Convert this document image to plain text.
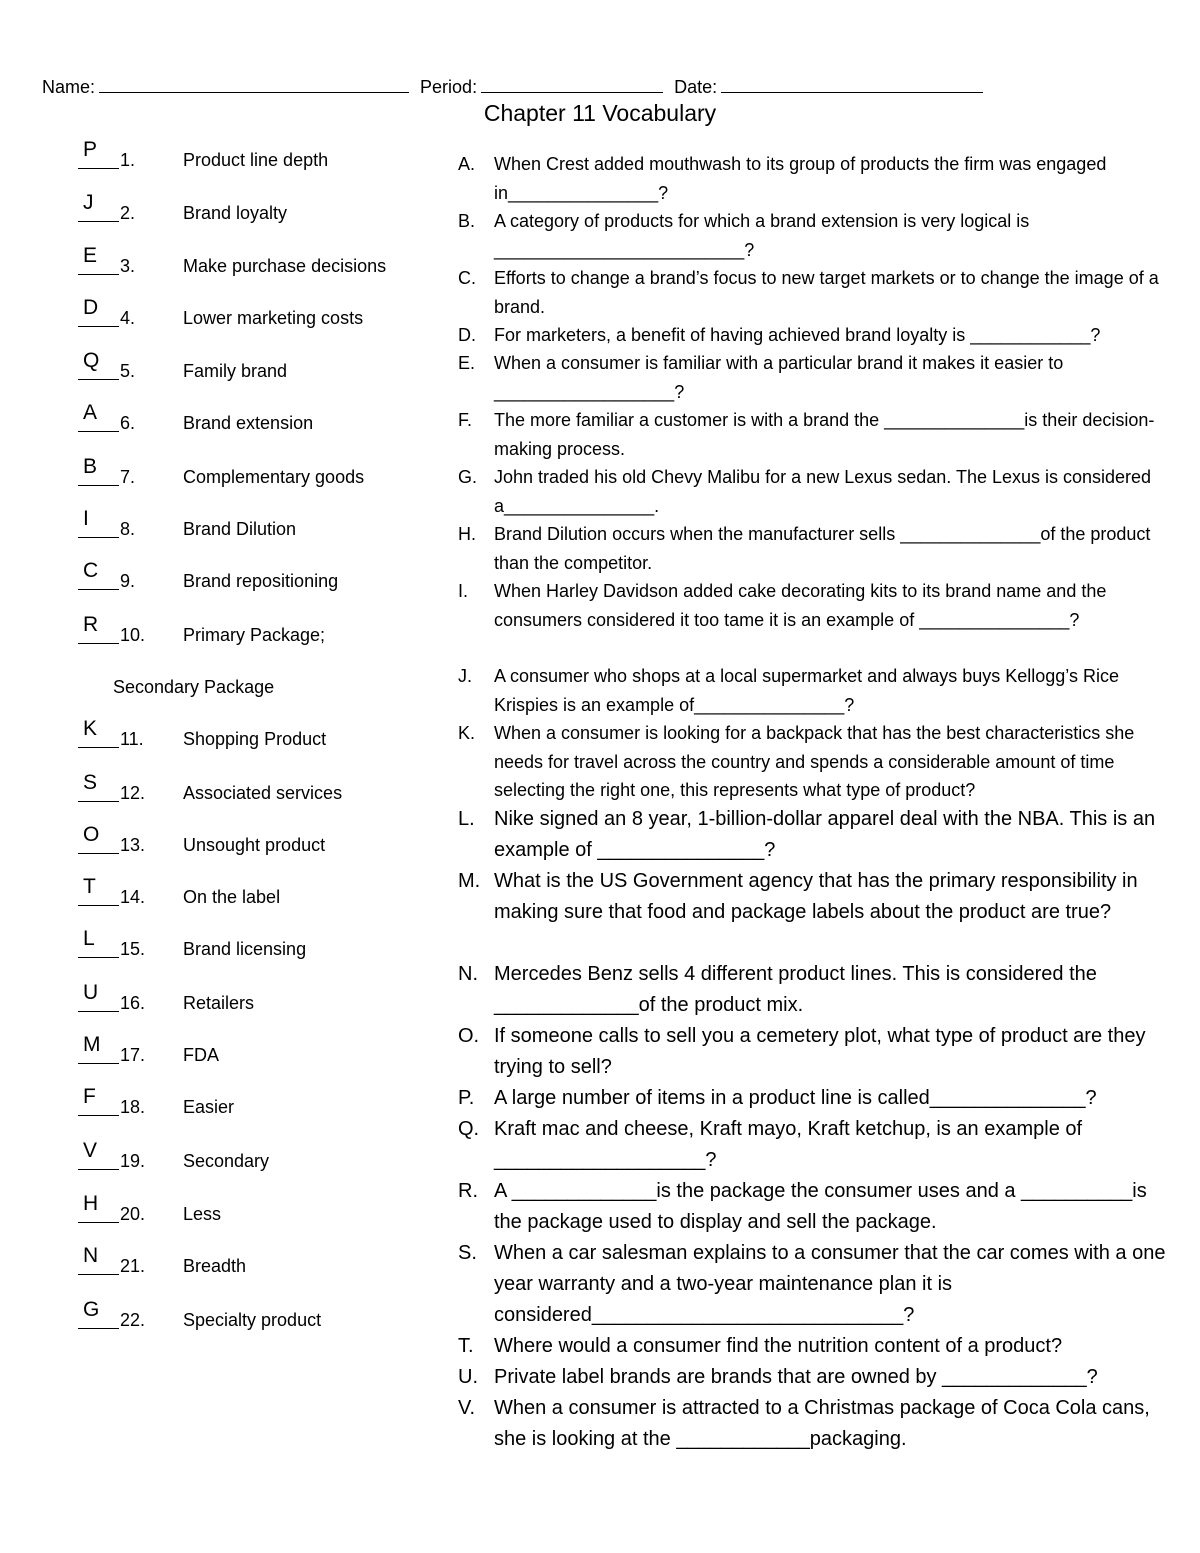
Name:	Period:	Date:
Chapter 11 Vocabulary
P	1.	Product line depth
J	2.	Brand loyalty
E	3.	Make purchase decisions
D	4.	Lower marketing costs
Q	5.	Family brand
A	6.	Brand extension
B	7.	Complementary goods
I	8.	Brand Dilution
C	9.	Brand repositioning
R	10. Primary Package;
K	11. Shopping Product
S	12. Associated services
O	13. Unsought product
T	14. On the label
L	15. Brand licensing
U	16. Retailers
M	17. FDA
F	18. Easier
V	19. Secondary
H	20. Less
N	21. Breadth
G	22. Specialty product
Secondary Package
A. When Crest added mouthwash to its group of products the firm was engaged in_______________?
B. A category of products for which a brand extension is very logical is _________________________?
C. Efforts to change a brand’s focus to new target markets or to change the image of a brand.
D. For marketers, a benefit of having achieved brand loyalty is ____________?
E. When a consumer is familiar with a particular brand it makes it easier to __________________?
F. The more familiar a customer is with a brand the ______________is their decision-making process.
G. John traded his old Chevy Malibu for a new Lexus sedan. The Lexus is considered a_______________.
H. Brand Dilution occurs when the manufacturer sells ______________of the product than the competitor.
I. When Harley Davidson added cake decorating kits to its brand name and the consumers considered it too tame it is an example of _______________?
J. A consumer who shops at a local supermarket and always buys Kellogg’s Rice Krispies is an example of_______________?
K. When a consumer is looking for a backpack that has the best characteristics she needs for travel across the country and spends a considerable amount of time selecting the right one, this represents what type of product?
L. Nike signed an 8 year, 1-billion-dollar apparel deal with the NBA. This is an example of _______________?
M. What is the US Government agency that has the primary responsibility in making sure that food and package labels about the product are true?
N. Mercedes Benz sells 4 different product lines. This is considered the _____________of the product mix.
O. If someone calls to sell you a cemetery plot, what type of product are they trying to sell?
P. A large number of items in a product line is called______________?
Q. Kraft mac and cheese, Kraft mayo, Kraft ketchup, is an example of ___________________?
R. A _____________is the package the consumer uses and a __________is the package used to display and sell the package.
S. When a car salesman explains to a consumer that the car comes with a one year warranty and a two-year maintenance plan it is considered____________________________?
T. Where would a consumer find the nutrition content of a product?
U. Private label brands are brands that are owned by _____________?
V. When a consumer is attracted to a Christmas package of Coca Cola cans, she is looking at the ____________packaging.
